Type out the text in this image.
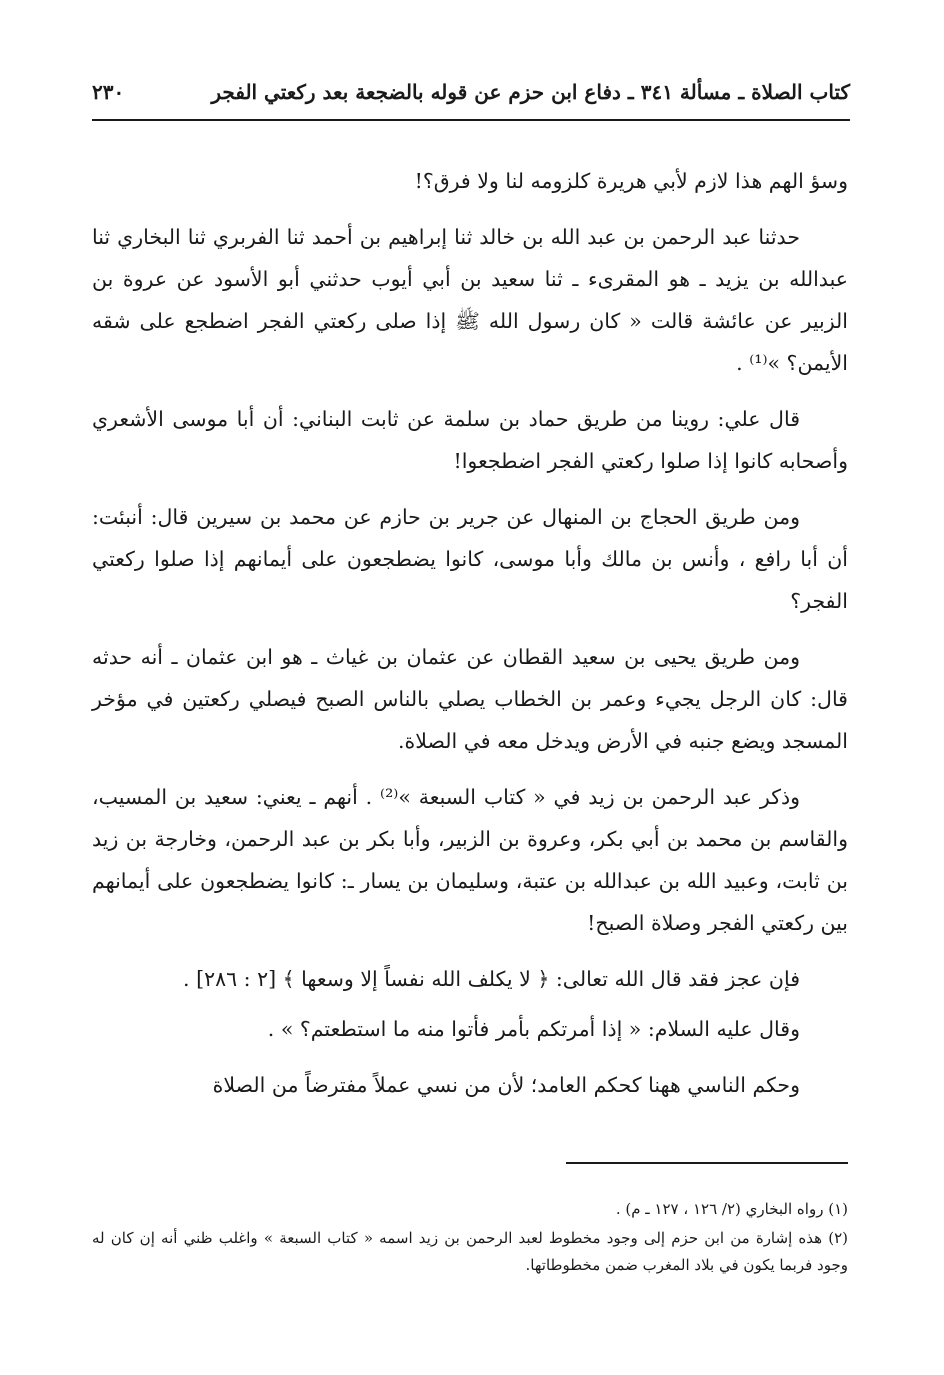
كتاب الصلاة ـ مسألة ٣٤١ ـ دفاع ابن حزم عن قوله بالضجعة بعد ركعتي الفجر
٢٣٠

وسؤ الهم هذا لازم لأبي هريرة كلزومه لنا ولا فرق؟!

حدثنا عبد الرحمن بن عبد الله بن خالد ثنا إبراهيم بن أحمد ثنا الفربري ثنا البخاري ثنا عبدالله بن يزيد ـ هو المقرىء ـ ثنا سعيد بن أبي أيوب حدثني أبو الأسود عن عروة بن الزبير عن عائشة قالت « كان رسول الله ﷺ إذا صلى ركعتي الفجر اضطجع على شقه الأيمن؟ »⁽¹⁾ .

قال علي: روينا من طريق حماد بن سلمة عن ثابت البناني: أن أبا موسى الأشعري وأصحابه كانوا إذا صلوا ركعتي الفجر اضطجعوا!

ومن طريق الحجاج بن المنهال عن جرير بن حازم عن محمد بن سيرين قال: أنبئت: أن أبا رافع ، وأنس بن مالك وأبا موسى، كانوا يضطجعون على أيمانهم إذا صلوا ركعتي الفجر؟

ومن طريق يحيى بن سعيد القطان عن عثمان بن غياث ـ هو ابن عثمان ـ أنه حدثه قال: كان الرجل يجيء وعمر بن الخطاب يصلي بالناس الصبح فيصلي ركعتين في مؤخر المسجد ويضع جنبه في الأرض ويدخل معه في الصلاة.

وذكر عبد الرحمن بن زيد في « كتاب السبعة »⁽²⁾ . أنهم ـ يعني: سعيد بن المسيب، والقاسم بن محمد بن أبي بكر، وعروة بن الزبير، وأبا بكر بن عبد الرحمن، وخارجة بن زيد بن ثابت، وعبيد الله بن عبدالله بن عتبة، وسليمان بن يسار ـ: كانوا يضطجعون على أيمانهم بين ركعتي الفجر وصلاة الصبح!

فإن عجز فقد قال الله تعالى: ﴿ لا يكلف الله نفساً إلا وسعها ﴾ [٢ : ٢٨٦] .

وقال عليه السلام: « إذا أمرتكم بأمر فأتوا منه ما استطعتم؟ » .

وحكم الناسي ههنا كحكم العامد؛ لأن من نسي عملاً مفترضاً من الصلاة

(١) رواه البخاري (٢/ ١٢٦ ، ١٢٧ ـ م) .

(٢) هذه إشارة من ابن حزم إلى وجود مخطوط لعبد الرحمن بن زيد اسمه « كتاب السبعة » واغلب ظني أنه إن كان له وجود فربما يكون في بلاد المغرب ضمن مخطوطاتها.
